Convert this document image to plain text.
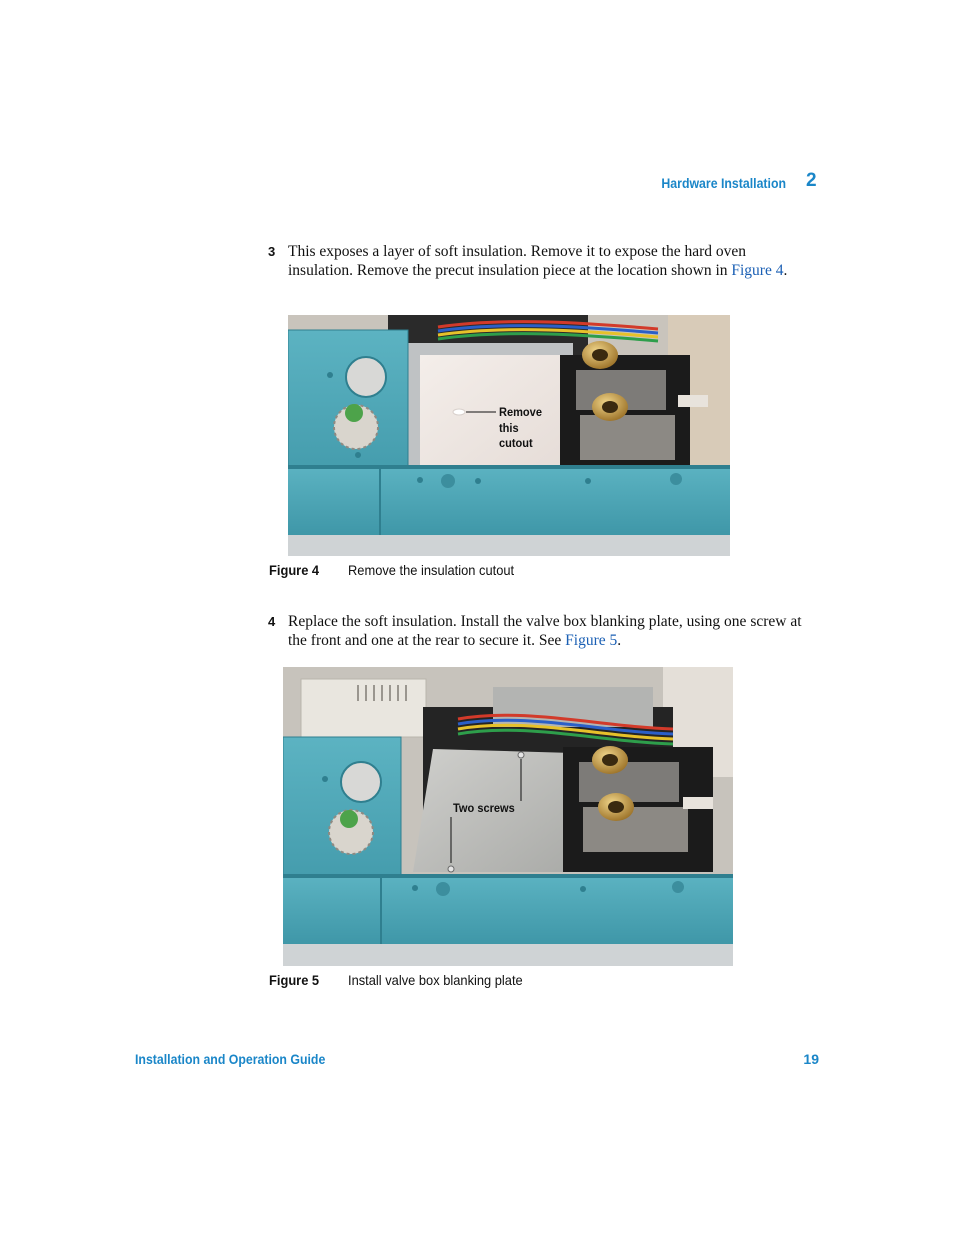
Hardware Installation 2
3 This exposes a layer of soft insulation. Remove it to expose the hard oven insulation. Remove the precut insulation piece at the location shown in Figure 4.
Remove
this
cutout
Figure 4 Remove the insulation cutout
4 Replace the soft insulation. Install the valve box blanking plate, using one screw at the front and one at the rear to secure it. See Figure 5.
Two screws
Figure 5 Install valve box blanking plate
Installation and Operation Guide	19
